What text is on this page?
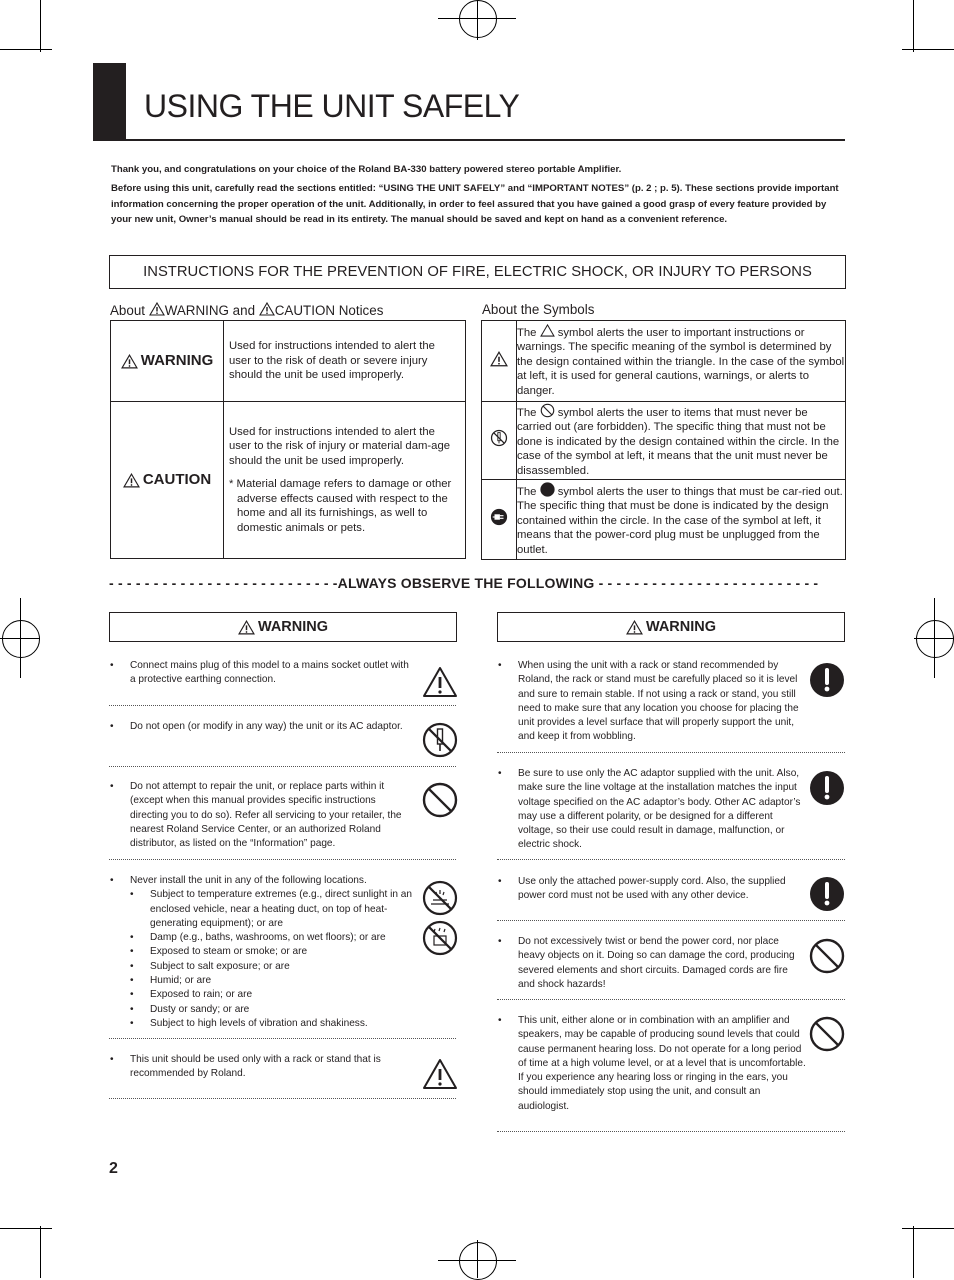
USING THE UNIT SAFELY
Thank you, and congratulations on your choice of the Roland BA-330 battery powered stereo portable Amplifier.
Before using this unit, carefully read the sections entitled: “USING THE UNIT SAFELY” and “IMPORTANT NOTES” (p. 2 ; p. 5). These sections provide important information concerning the proper operation of the unit. Additionally, in order to feel assured that you have gained a good grasp of every feature provided by your new unit, Owner’s manual should be read in its entirety. The manual should be saved and kept on hand as a convenient reference.
INSTRUCTIONS FOR THE PREVENTION OF FIRE, ELECTRIC SHOCK, OR INJURY TO PERSONS
About WARNING and CAUTION Notices	About the Symbols
WARNING	Used for instructions intended to alert the user to the risk of death or severe injury should the unit be used improperly.

CAUTION	Used for instructions intended to alert the user to the risk of injury or material dam-age should the unit be used improperly.
* Material damage refers to damage or other adverse effects caused with respect to the home and all its furnishings, as well to domestic animals or pets.
	The symbol alerts the user to important instructions or warnings. The specific meaning of the symbol is determined by the design contained within the triangle. In the case of the symbol at left, it is used for general cautions, warnings, or alerts to danger.
	The symbol alerts the user to items that must never be carried out (are forbidden). The specific thing that must not be done is indicated by the design contained within the circle. In the case of the symbol at left, it means that the unit must never be disassembled.
	The symbol alerts the user to things that must be car-ried out. The specific thing that must be done is indicated by the design contained within the circle. In the case of the symbol at left, it means that the power-cord plug must be unplugged from the outlet.
- - - - - - - - - - - - - - - - - - - - - - - - - -ALWAYS OBSERVE THE FOLLOWING - - - - - - - - - - - - - - - - - - - - - - - - -
WARNING	WARNING
• Connect mains plug of this model to a mains socket outlet with a protective earthing connection.
• Do not open (or modify in any way) the unit or its AC adaptor.
• Do not attempt to repair the unit, or replace parts within it (except when this manual provides specific instructions directing you to do so). Refer all servicing to your retailer, the nearest Roland Service Center, or an authorized Roland distributor, as listed on the “Information” page.
• Never install the unit in any of the following locations.
• Subject to temperature extremes (e.g., direct sunlight in an enclosed vehicle, near a heating duct, on top of heat-generating equipment); or are
• Damp (e.g., baths, washrooms, on wet floors); or are
• Exposed to steam or smoke; or are
• Subject to salt exposure; or are
• Humid; or are
• Exposed to rain; or are
• Dusty or sandy; or are
• Subject to high levels of vibration and shakiness.
• This unit should be used only with a rack or stand that is recommended by Roland.
• When using the unit with a rack or stand recommended by Roland, the rack or stand must be carefully placed so it is level and sure to remain stable. If not using a rack or stand, you still need to make sure that any location you choose for placing the unit provides a level surface that will properly support the unit, and keep it from wobbling.
• Be sure to use only the AC adaptor supplied with the unit. Also, make sure the line voltage at the installation matches the input voltage specified on the AC adaptor’s body. Other AC adaptor’s may use a different polarity, or be designed for a different voltage, so their use could result in damage, malfunction, or electric shock.
• Use only the attached power-supply cord. Also, the supplied power cord must not be used with any other device.
• Do not excessively twist or bend the power cord, nor place heavy objects on it. Doing so can damage the cord, producing severed elements and short circuits. Damaged cords are fire and shock hazards!
• This unit, either alone or in combination with an amplifier and speakers, may be capable of producing sound levels that could cause permanent hearing loss. Do not operate for a long period of time at a high volume level, or at a level that is uncomfortable. If you experience any hearing loss or ringing in the ears, you should immediately stop using the unit, and consult an audiologist.
2
